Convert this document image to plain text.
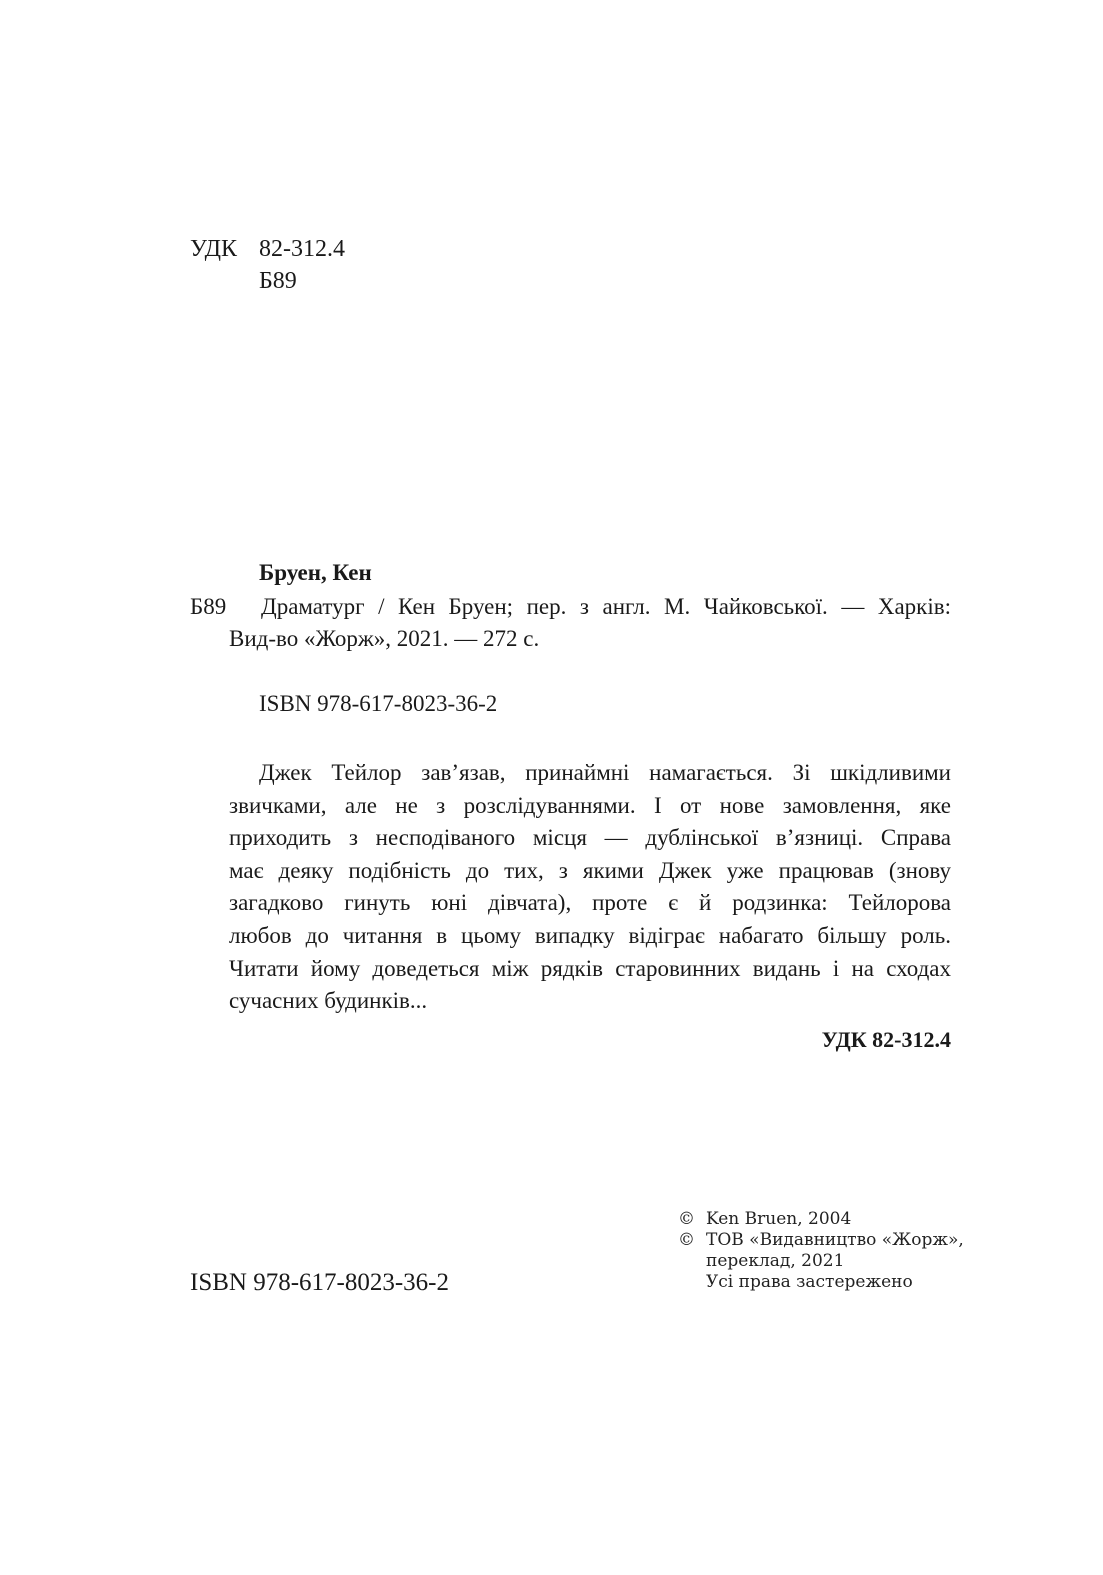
УДК 82-312.4
Б89
Бруен, Кен
Б89 Драматург / Кен Бруен; пер. з англ. М. Чайковської. — Харків:
Вид-во «Жорж», 2021. — 272 с.
ISBN 978-617-8023-36-2
Джек Тейлор зав’язав, принаймні намагається. Зі шкідливими
звичками, але не з розслідуваннями. І от нове замовлення, яке
приходить з несподіваного місця — дублінської в’язниці. Справа
має деяку подібність до тих, з якими Джек уже працював (знову
загадково гинуть юні дівчата), проте є й родзинка: Тейлорова
любов до читання в цьому випадку відіграє набагато більшу роль.
Читати йому доведеться між рядків старовинних видань і на сходах
сучасних будинків...
УДК 82-312.4
ISBN 978-617-8023-36-2
© Ken Bruen, 2004
© ТОВ «Видавництво «Жорж»,
переклад, 2021
Усі права застережено
